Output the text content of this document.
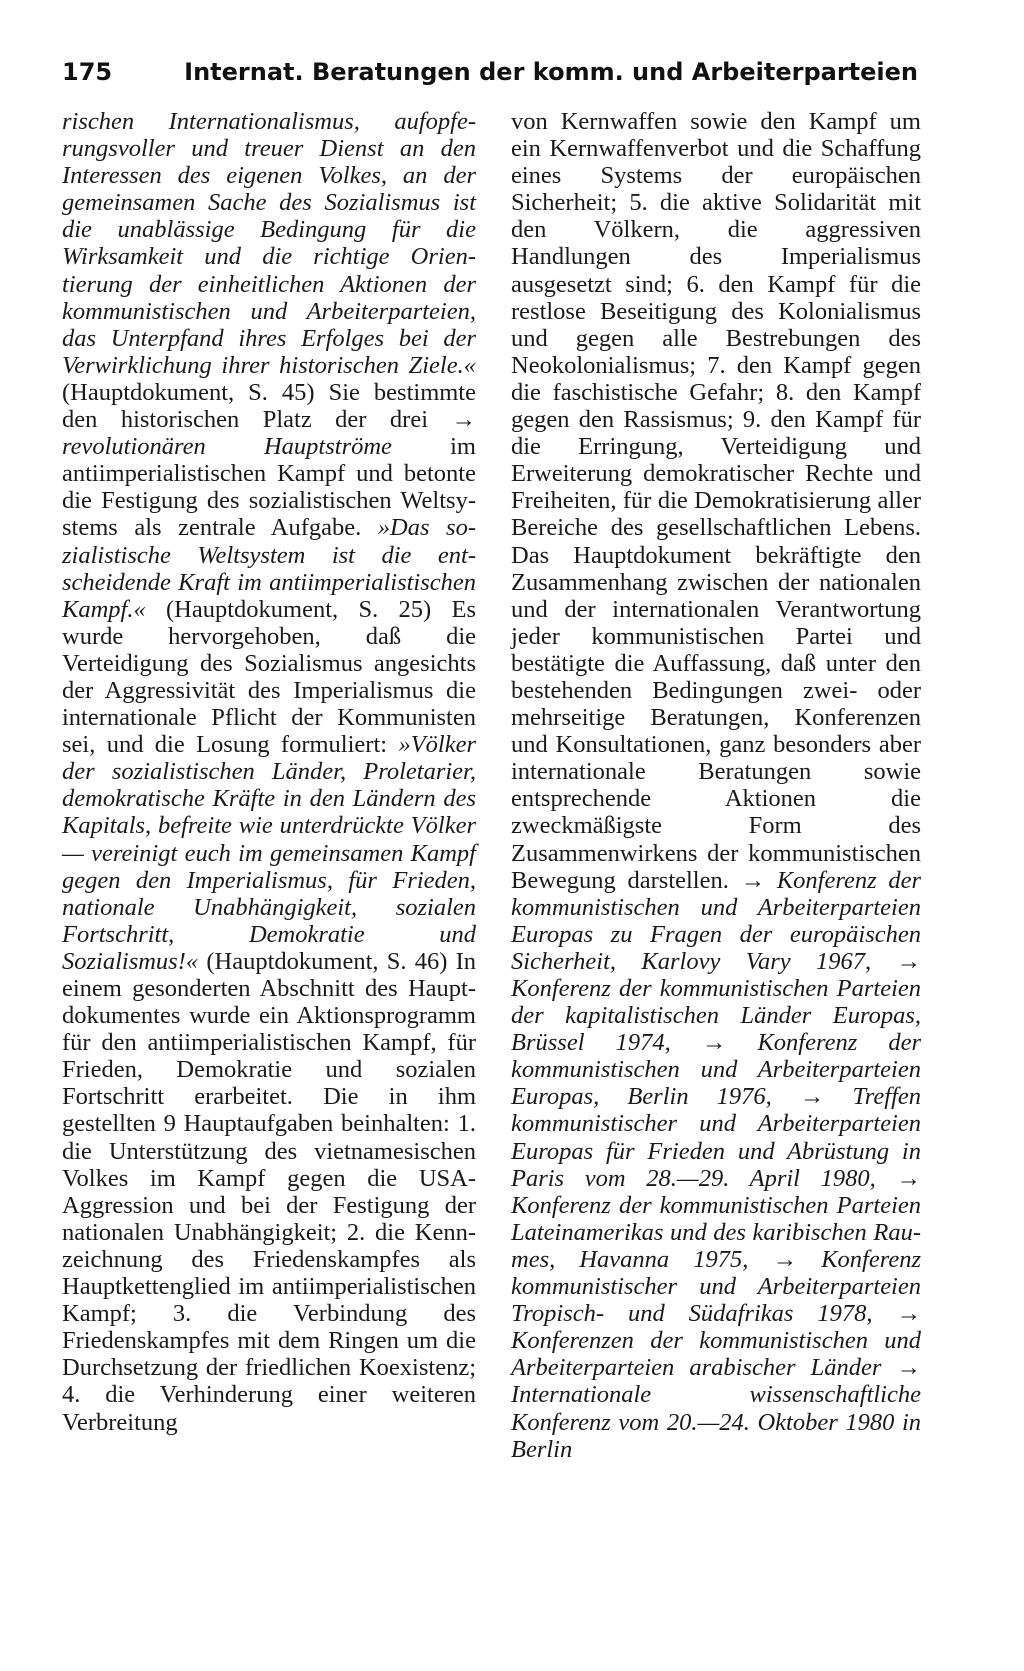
175	Internat. Beratungen der komm. und Arbeiterparteien
rischen Internationalismus, aufopferungsvoller und treuer Dienst an den Interessen des eigenen Volkes, an der gemeinsamen Sache des Sozialismus ist die unablässige Bedingung für die Wirksamkeit und die richtige Orientierung der einheitlichen Aktionen der kommunistischen und Arbeiterparteien, das Unterpfand ihres Erfolges bei der Verwirklichung ihrer historischen Ziele.« (Hauptdokument, S. 45) Sie bestimmte den historischen Platz der drei → revolutionären Hauptströme im antiimperialistischen Kampf und betonte die Festigung des sozialistischen Weltsystems als zentrale Aufgabe. »Das sozialistische Weltsystem ist die entscheidende Kraft im antiimperialistischen Kampf.« (Hauptdokument, S. 25) Es wurde hervorgehoben, daß die Verteidigung des Sozialismus angesichts der Aggressivität des Imperialismus die internationale Pflicht der Kommunisten sei, und die Losung formuliert: »Völker der sozialistischen Länder, Proletarier, demokratische Kräfte in den Ländern des Kapitals, befreite wie unterdrückte Völker — vereinigt euch im gemeinsamen Kampf gegen den Imperialismus, für Frieden, nationale Unabhängigkeit, sozialen Fortschritt, Demokratie und Sozialismus!« (Hauptdokument, S. 46) In einem gesonderten Abschnitt des Hauptdokumentes wurde ein Aktionsprogramm für den antiimperialistischen Kampf, für Frieden, Demokratie und sozialen Fortschritt erarbeitet. Die in ihm gestellten 9 Hauptaufgaben beinhalten: 1. die Unterstützung des vietnamesischen Volkes im Kampf gegen die USA-Aggression und bei der Festigung der nationalen Unabhängigkeit; 2. die Kennzeichnung des Friedenskampfes als Hauptkettenglied im antiimperialistischen Kampf; 3. die Verbindung des Friedenskampfes mit dem Ringen um die Durchsetzung der friedlichen Koexistenz; 4. die Verhinderung einer weiteren Verbreitung
von Kernwaffen sowie den Kampf um ein Kernwaffenverbot und die Schaffung eines Systems der europäischen Sicherheit; 5. die aktive Solidarität mit den Völkern, die aggressiven Handlungen des Imperialismus ausgesetzt sind; 6. den Kampf für die restlose Beseitigung des Kolonialismus und gegen alle Bestrebungen des Neokolonialismus; 7. den Kampf gegen die faschistische Gefahr; 8. den Kampf gegen den Rassismus; 9. den Kampf für die Erringung, Verteidigung und Erweiterung demokratischer Rechte und Freiheiten, für die Demokratisierung aller Bereiche des gesellschaftlichen Lebens. Das Hauptdokument bekräftigte den Zusammenhang zwischen der nationalen und der internationalen Verantwortung jeder kommunistischen Partei und bestätigte die Auffassung, daß unter den bestehenden Bedingungen zwei- oder mehrseitige Beratungen, Konferenzen und Konsultationen, ganz besonders aber internationale Beratungen sowie entsprechende Aktionen die zweckmäßigste Form des Zusammenwirkens der kommunistischen Bewegung darstellen. → Konferenz der kommunistischen und Arbeiterparteien Europas zu Fragen der europäischen Sicherheit, Karlovy Vary 1967, → Konferenz der kommunistischen Parteien der kapitalistischen Länder Europas, Brüssel 1974, → Konferenz der kommunistischen und Arbeiterparteien Europas, Berlin 1976, → Treffen kommunistischer und Arbeiterparteien Europas für Frieden und Abrüstung in Paris vom 28.—29. April 1980, → Konferenz der kommunistischen Parteien Lateinamerikas und des karibischen Raumes, Havanna 1975, → Konferenz kommunistischer und Arbeiterparteien Tropisch- und Südafrikas 1978, → Konferenzen der kommunistischen und Arbeiterparteien arabischer Länder → Internationale wissenschaftliche Konferenz vom 20.—24. Oktober 1980 in Berlin
